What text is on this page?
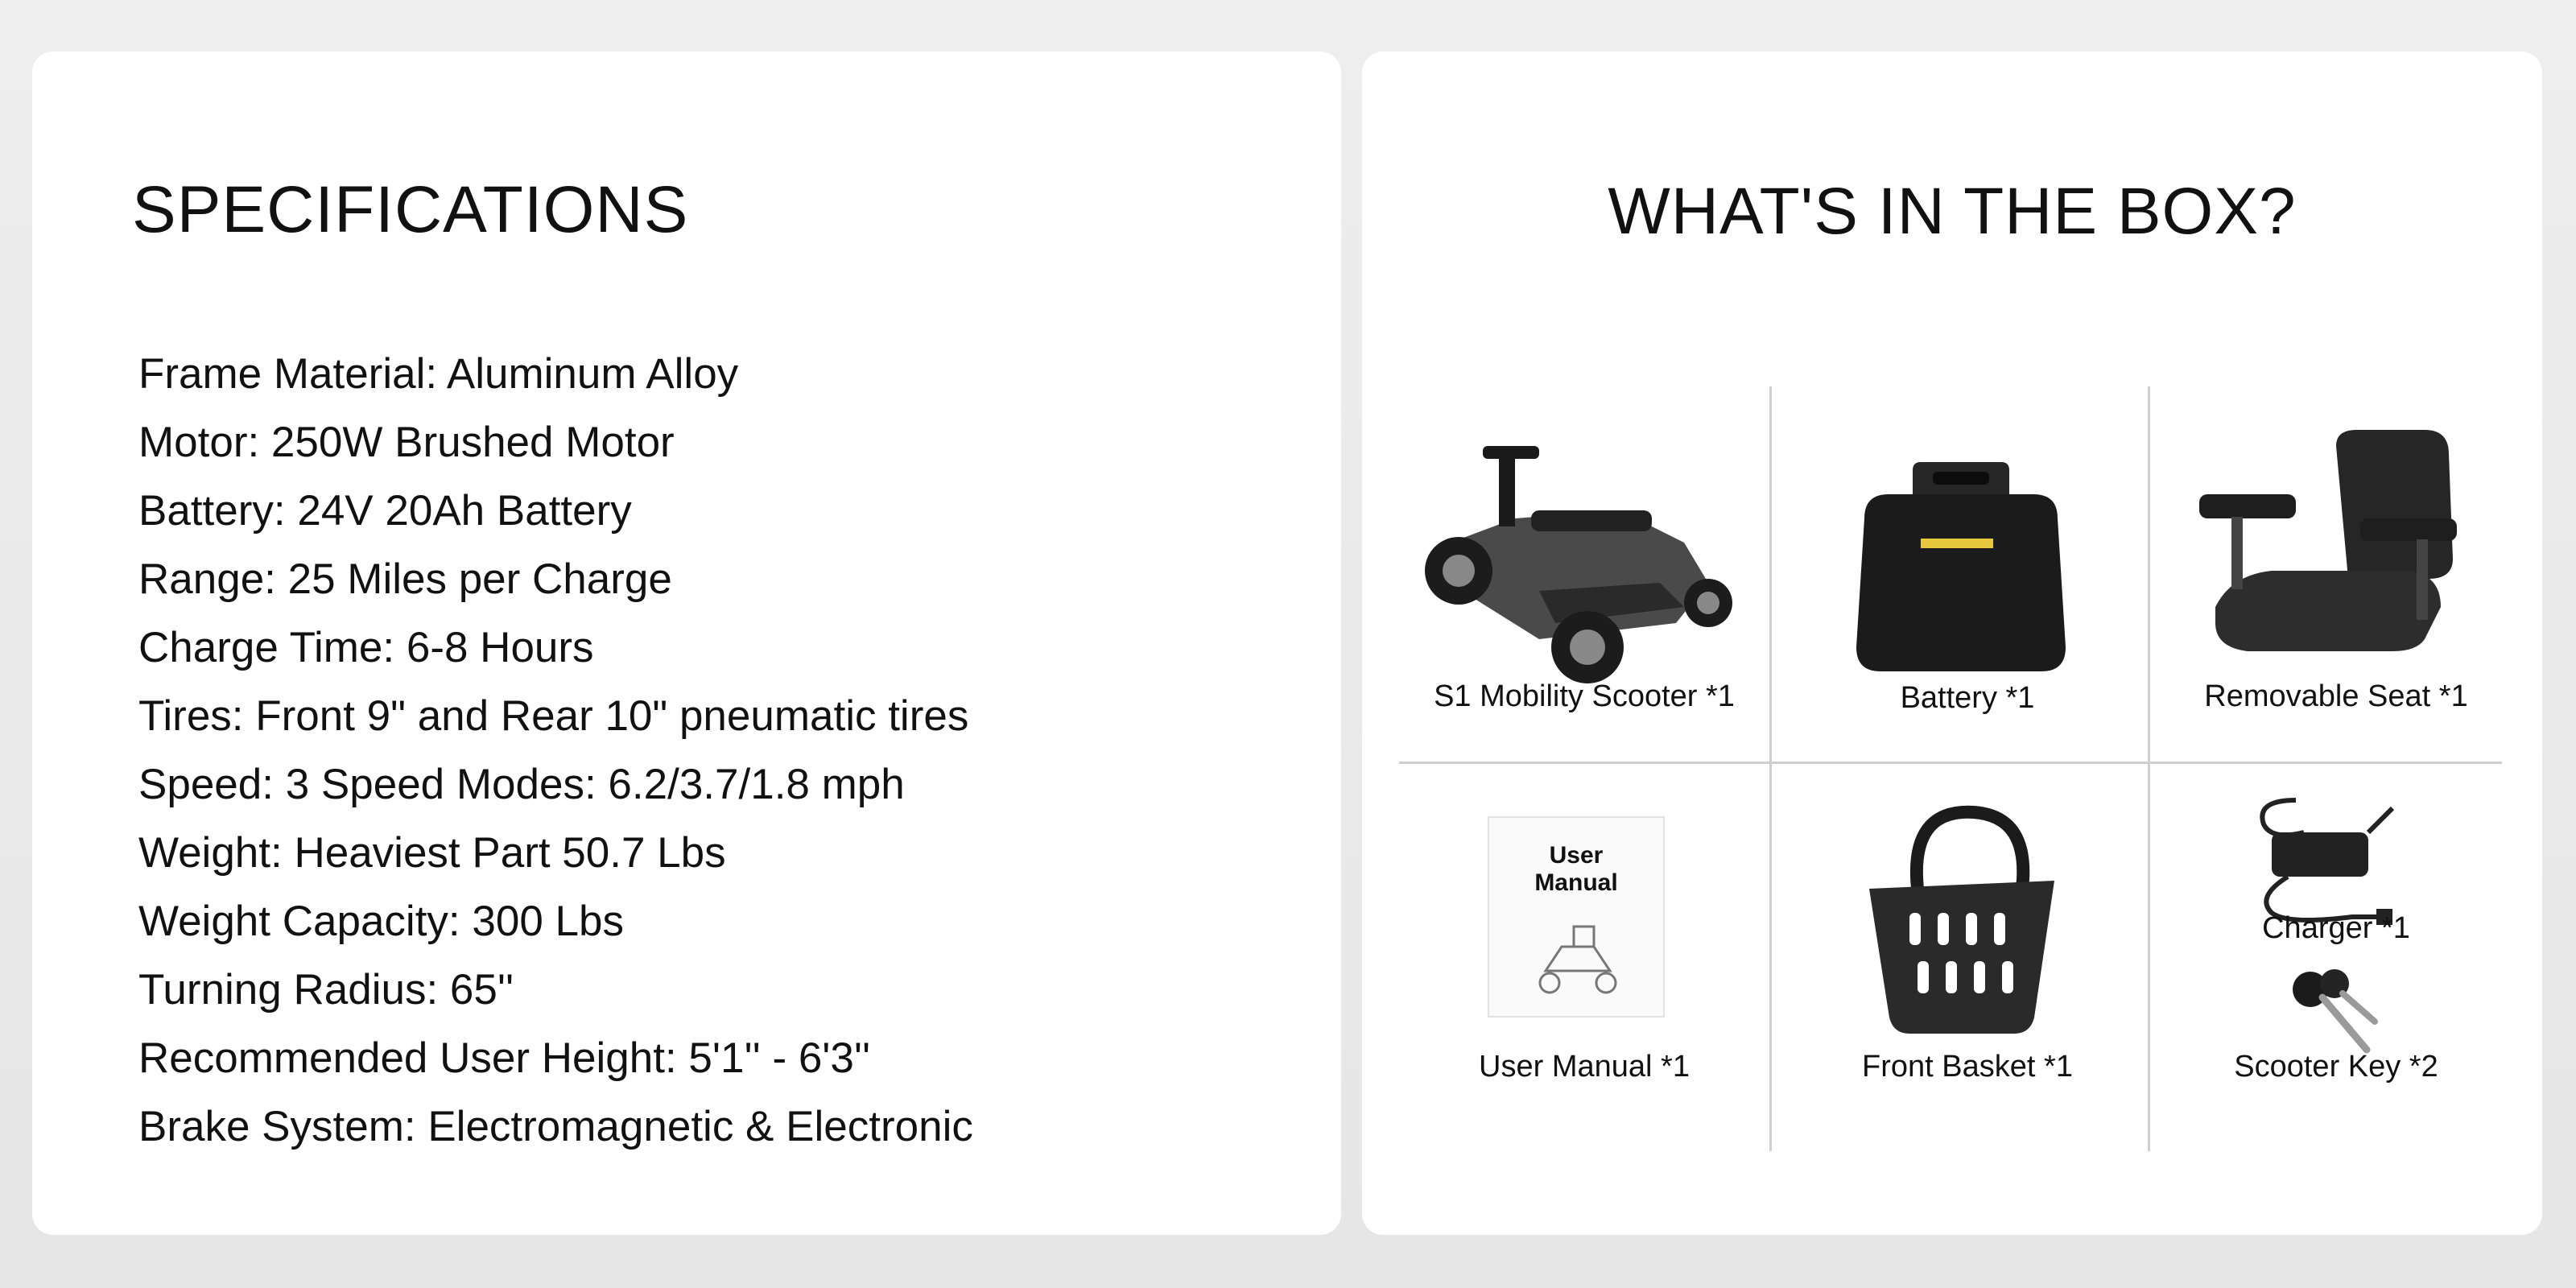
SPECIFICATIONS
Frame Material: Aluminum Alloy
Motor: 250W Brushed Motor
Battery: 24V 20Ah Battery
Range: 25 Miles per Charge
Charge Time: 6-8 Hours
Tires: Front 9" and Rear 10" pneumatic tires
Speed: 3 Speed Modes: 6.2/3.7/1.8 mph
Weight: Heaviest Part 50.7 Lbs
Weight Capacity: 300 Lbs
Turning Radius: 65''
Recommended User Height: 5'1'' - 6'3''
Brake System: Electromagnetic & Electronic
WHAT'S IN THE BOX?
S1 Mobility Scooter *1	Battery *1	Removable Seat *1
User
Manual
User Manual *1	Front Basket *1
Charger *1
Scooter Key *2
